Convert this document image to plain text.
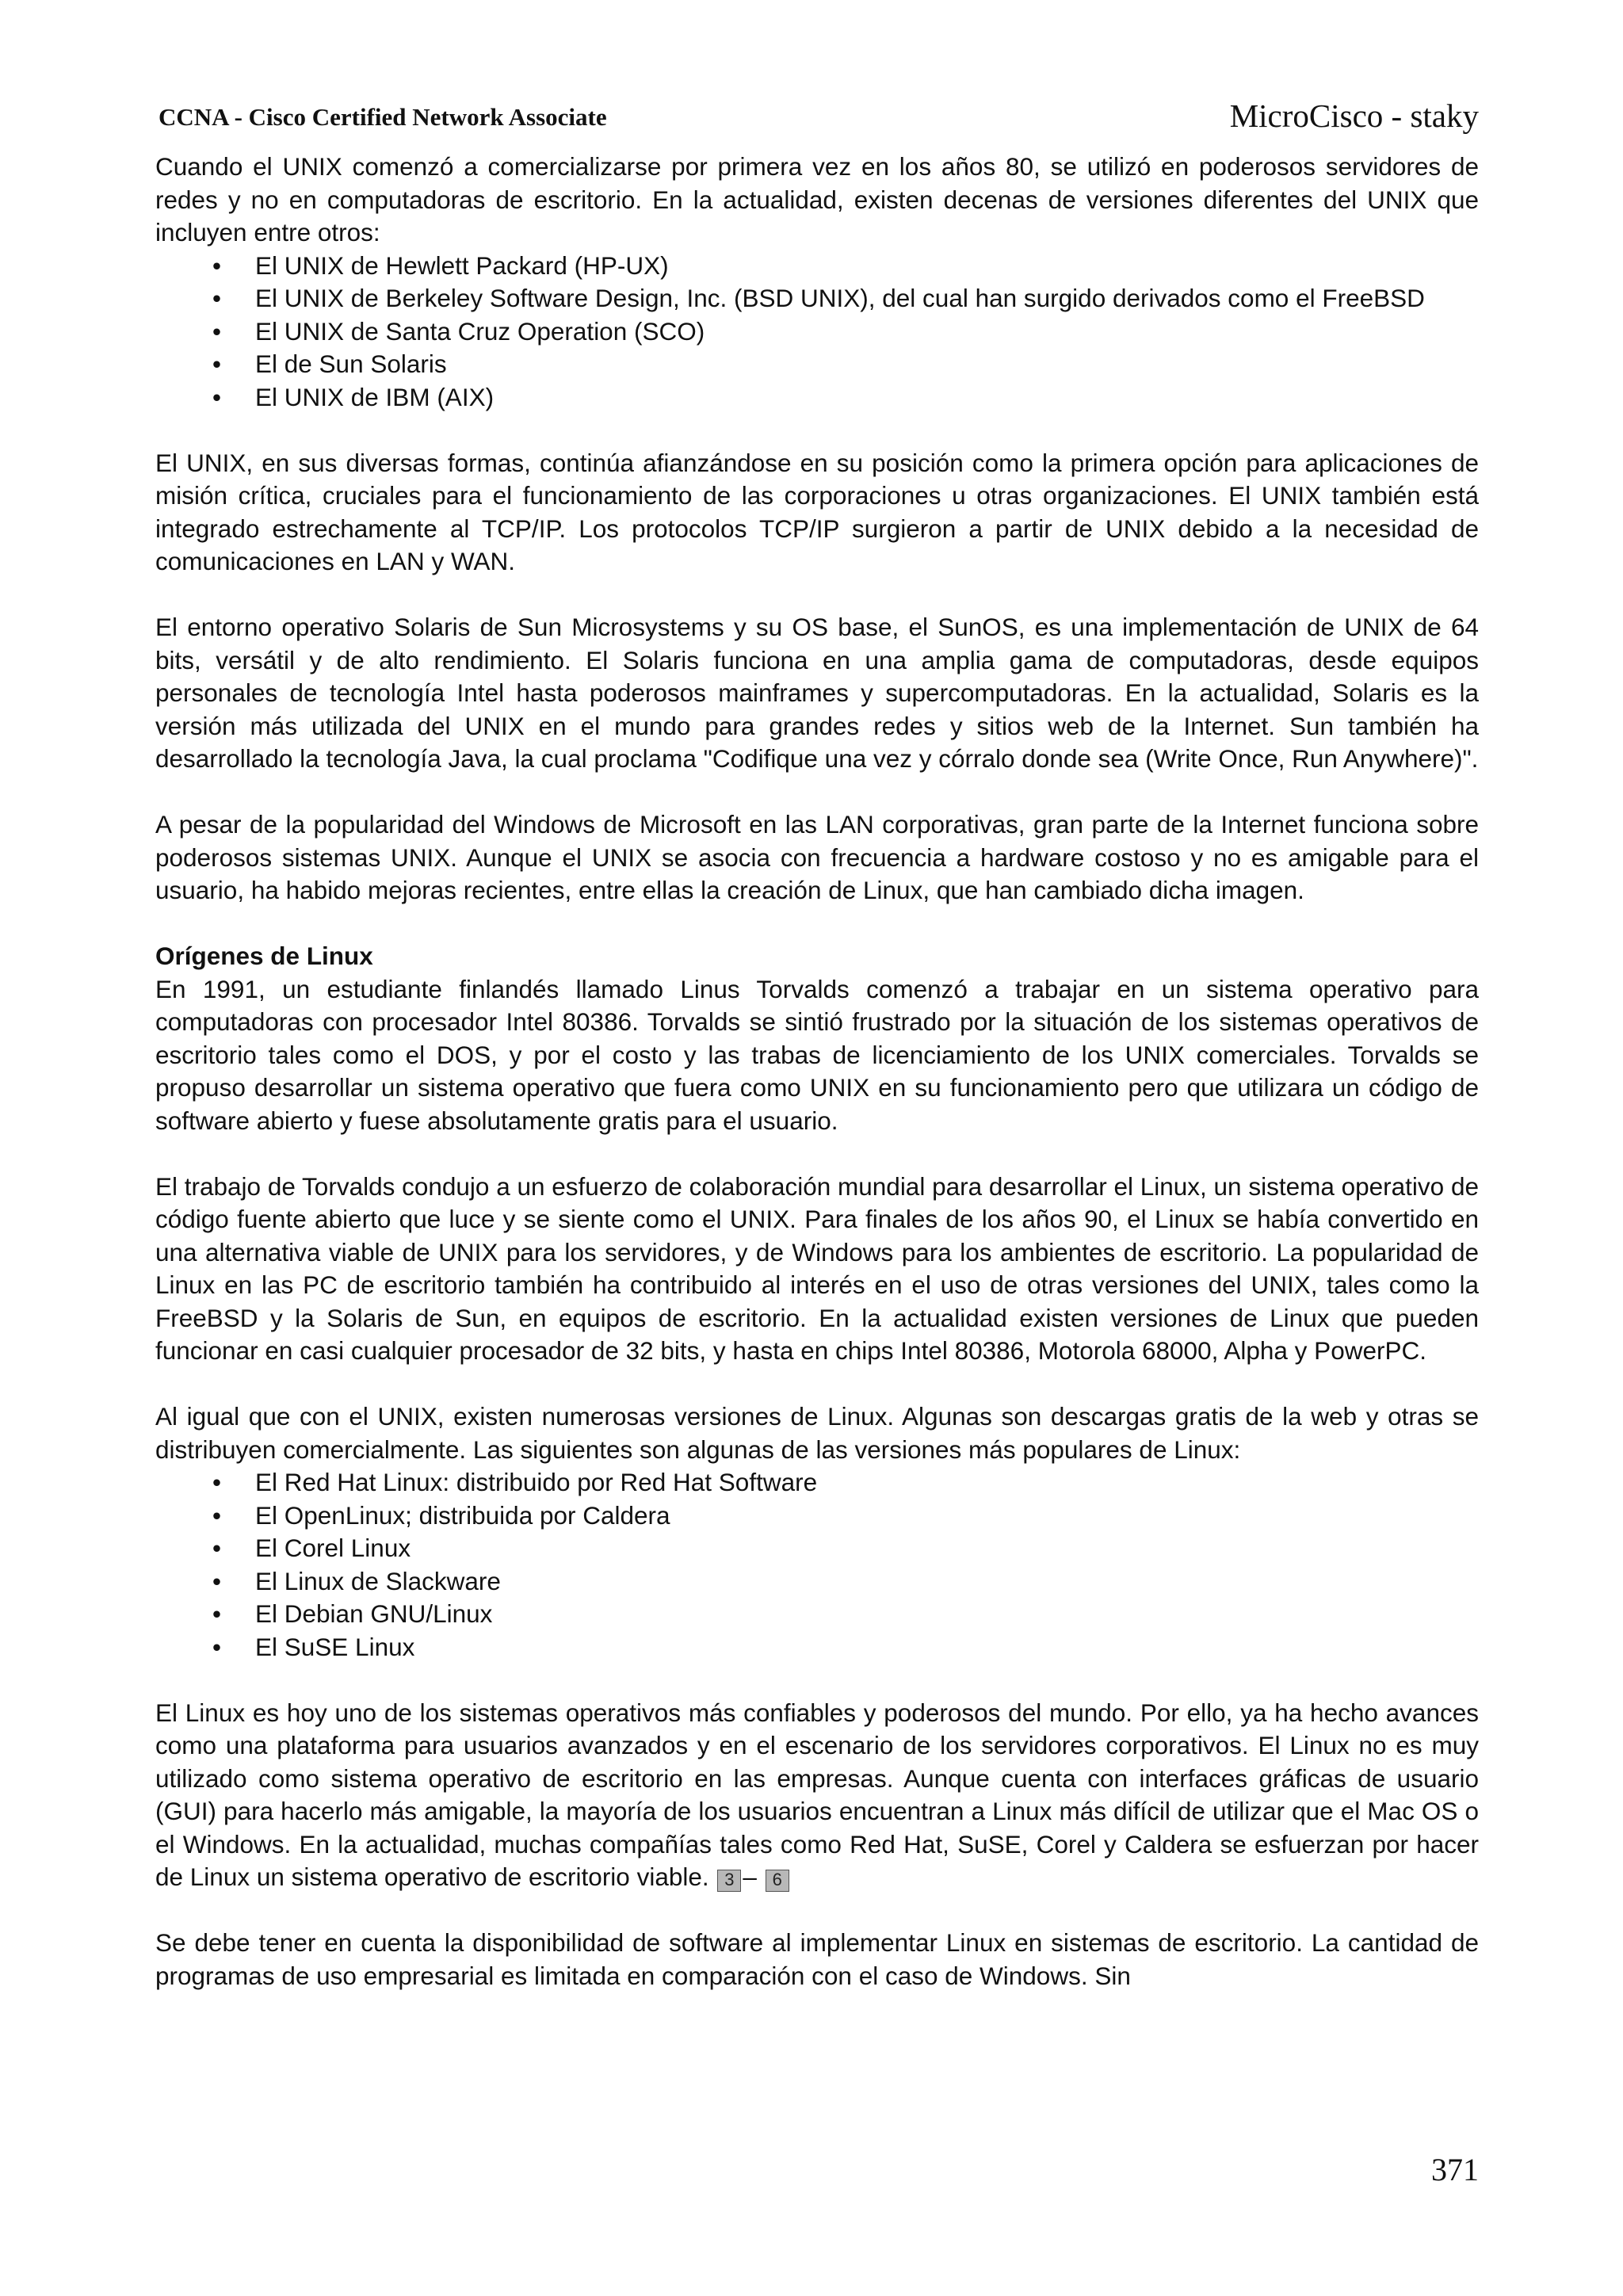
CCNA - Cisco Certified Network Associate	MicroCisco - staky

Cuando el UNIX comenzó a comercializarse por primera vez en los años 80, se utilizó en poderosos servidores de redes y no en computadoras de escritorio. En la actualidad, existen decenas de versiones diferentes del UNIX que incluyen entre otros:

• El UNIX de Hewlett Packard (HP-UX)
• El UNIX de Berkeley Software Design, Inc. (BSD UNIX), del cual han surgido derivados como el FreeBSD
• El UNIX de Santa Cruz Operation (SCO)
• El de Sun Solaris
• El UNIX de IBM (AIX)

El UNIX, en sus diversas formas, continúa afianzándose en su posición como la primera opción para aplicaciones de misión crítica, cruciales para el funcionamiento de las corporaciones u otras organizaciones. El UNIX también está integrado estrechamente al TCP/IP. Los protocolos TCP/IP surgieron a partir de UNIX debido a la necesidad de comunicaciones en LAN y WAN.

El entorno operativo Solaris de Sun Microsystems y su OS base, el SunOS, es una implementación de UNIX de 64 bits, versátil y de alto rendimiento. El Solaris funciona en una amplia gama de computadoras, desde equipos personales de tecnología Intel hasta poderosos mainframes y supercomputadoras. En la actualidad, Solaris es la versión más utilizada del UNIX en el mundo para grandes redes y sitios web de la Internet. Sun también ha desarrollado la tecnología Java, la cual proclama "Codifique una vez y córralo donde sea (Write Once, Run Anywhere)".

A pesar de la popularidad del Windows de Microsoft en las LAN corporativas, gran parte de la Internet funciona sobre poderosos sistemas UNIX. Aunque el UNIX se asocia con frecuencia a hardware costoso y no es amigable para el usuario, ha habido mejoras recientes, entre ellas la creación de Linux, que han cambiado dicha imagen.

Orígenes de Linux

En 1991, un estudiante finlandés llamado Linus Torvalds comenzó a trabajar en un sistema operativo para computadoras con procesador Intel 80386. Torvalds se sintió frustrado por la situación de los sistemas operativos de escritorio tales como el DOS, y por el costo y las trabas de licenciamiento de los UNIX comerciales. Torvalds se propuso desarrollar un sistema operativo que fuera como UNIX en su funcionamiento pero que utilizara un código de software abierto y fuese absolutamente gratis para el usuario.

El trabajo de Torvalds condujo a un esfuerzo de colaboración mundial para desarrollar el Linux, un sistema operativo de código fuente abierto que luce y se siente como el UNIX. Para finales de los años 90, el Linux se había convertido en una alternativa viable de UNIX para los servidores, y de Windows para los ambientes de escritorio. La popularidad de Linux en las PC de escritorio también ha contribuido al interés en el uso de otras versiones del UNIX, tales como la FreeBSD y la Solaris de Sun, en equipos de escritorio. En la actualidad existen versiones de Linux que pueden funcionar en casi cualquier procesador de 32 bits, y hasta en chips Intel 80386, Motorola 68000, Alpha y PowerPC.

Al igual que con el UNIX, existen numerosas versiones de Linux. Algunas son descargas gratis de la web y otras se distribuyen comercialmente. Las siguientes son algunas de las versiones más populares de Linux:

• El Red Hat Linux: distribuido por Red Hat Software
• El OpenLinux; distribuida por Caldera
• El Corel Linux
• El Linux de Slackware
• El Debian GNU/Linux
• El SuSE Linux

El Linux es hoy uno de los sistemas operativos más confiables y poderosos del mundo. Por ello, ya ha hecho avances como una plataforma para usuarios avanzados y en el escenario de los servidores corporativos. El Linux no es muy utilizado como sistema operativo de escritorio en las empresas. Aunque cuenta con interfaces gráficas de usuario (GUI) para hacerlo más amigable, la mayoría de los usuarios encuentran a Linux más difícil de utilizar que el Mac OS o el Windows. En la actualidad, muchas compañías tales como Red Hat, SuSE, Corel y Caldera se esfuerzan por hacer de Linux un sistema operativo de escritorio viable. 3 – 6

Se debe tener en cuenta la disponibilidad de software al implementar Linux en sistemas de escritorio. La cantidad de programas de uso empresarial es limitada en comparación con el caso de Windows. Sin

371
